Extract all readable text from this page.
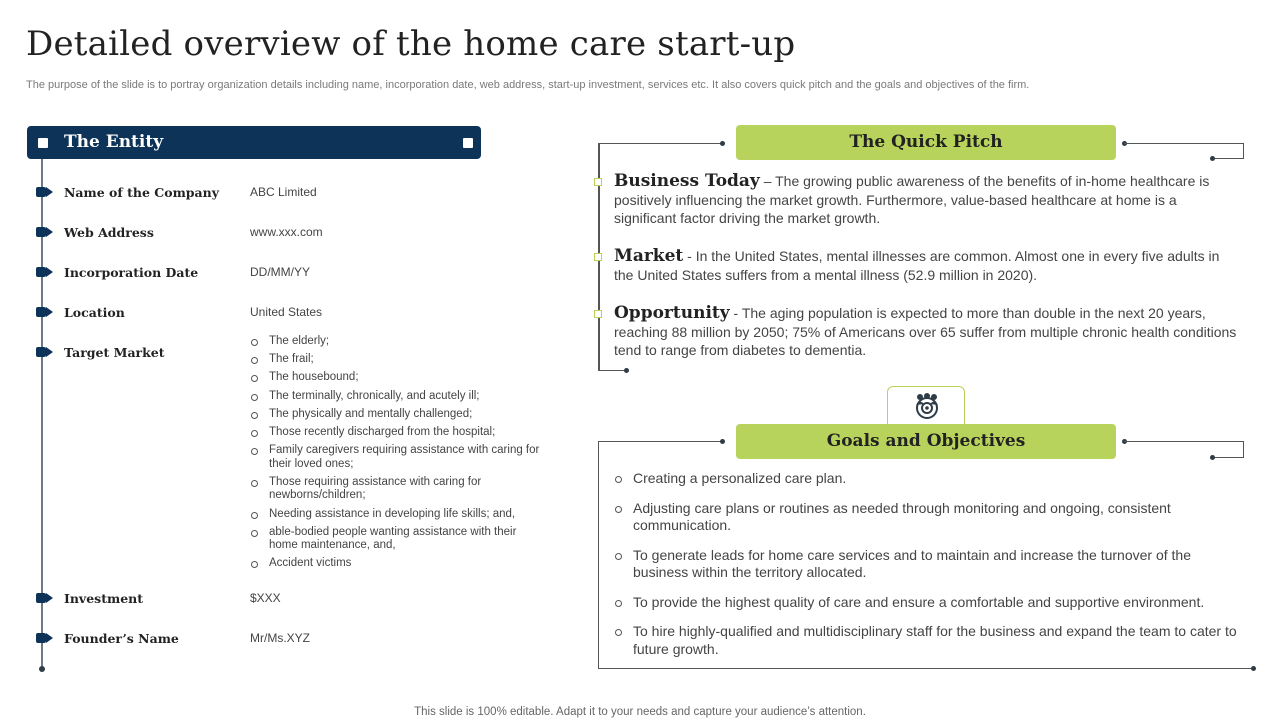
Detailed overview of the home care start-up

The purpose of the slide is to portray organization details including name, incorporation date, web address, start-up investment, services etc. It also covers quick pitch and the goals and objectives of the firm.

The Entity
Name of the Company	ABC Limited
Web Address	www.xxx.com
Incorporation Date	DD/MM/YY
Location	United States
Target Market
The elderly;
The frail;
The housebound;
The terminally, chronically, and acutely ill;
The physically and mentally challenged;
Those recently discharged from the hospital;
Family caregivers requiring assistance with caring for their loved ones;
Those requiring assistance with caring for newborns/children;
Needing assistance in developing life skills; and,
able-bodied people wanting assistance with their home maintenance, and,
Accident victims
Investment	$XXX
Founder’s Name	Mr/Ms.XYZ
The Quick Pitch
Business Today – The growing public awareness of the benefits of in-home healthcare is positively influencing the market growth. Furthermore, value-based healthcare at home is a significant factor driving the market growth.
Market - In the United States, mental illnesses are common. Almost one in every five adults in the United States suffers from a mental illness (52.9 million in 2020).
Opportunity - The aging population is expected to more than double in the next 20 years, reaching 88 million by 2050; 75% of Americans over 65 suffer from multiple chronic health conditions tend to range from diabetes to dementia.
Goals and Objectives
Creating a personalized care plan.
Adjusting care plans or routines as needed through monitoring and ongoing, consistent communication.
To generate leads for home care services and to maintain and increase the turnover of the business within the territory allocated.
To provide the highest quality of care and ensure a comfortable and supportive environment.
To hire highly-qualified and multidisciplinary staff for the business and expand the team to cater to future growth.
This slide is 100% editable. Adapt it to your needs and capture your audience’s attention.
